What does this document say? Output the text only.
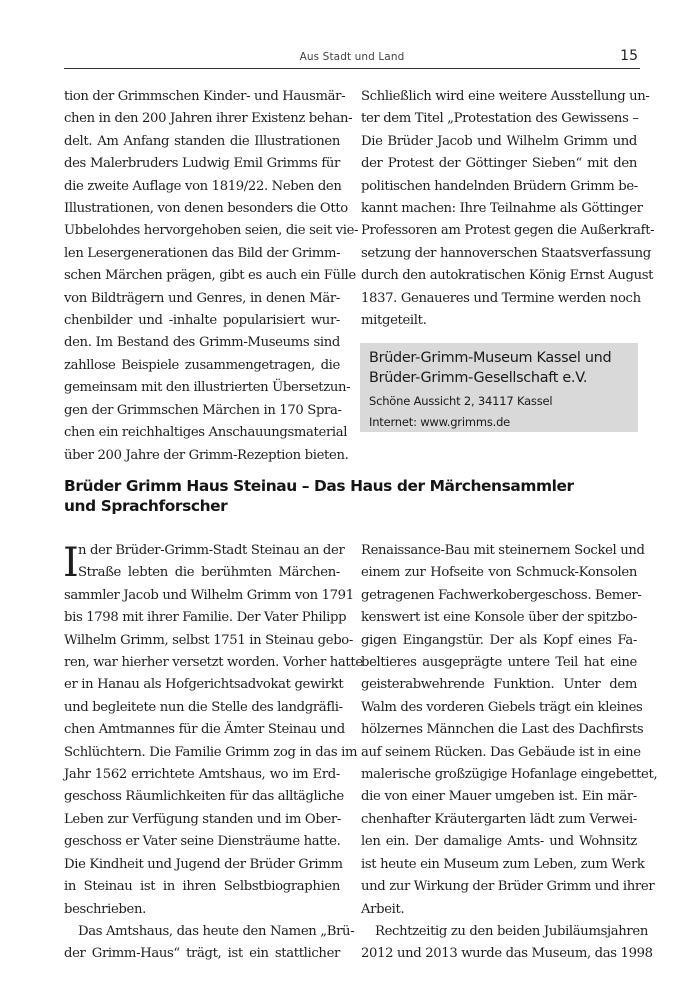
Aus Stadt und Land	15
tion der Grimmschen Kinder- und Hausmär-
chen in den 200 Jahren ihrer Existenz behan-
delt. Am Anfang standen die Illustrationen
des Malerbruders Ludwig Emil Grimms für
die zweite Auflage von 1819/22. Neben den
Illustrationen, von denen besonders die Otto
Ubbelohdes hervorgehoben seien, die seit vie-
len Lesergenerationen das Bild der Grimm-
schen Märchen prägen, gibt es auch ein Fülle
von Bildträgern und Genres, in denen Mär-
chenbilder und -inhalte popularisiert wur-
den. Im Bestand des Grimm-Museums sind
zahllose Beispiele zusammengetragen, die
gemeinsam mit den illustrierten Übersetzun-
gen der Grimmschen Märchen in 170 Spra-
chen ein reichhaltiges Anschauungsmaterial
über 200 Jahre der Grimm-Rezeption bieten.
Schließlich wird eine weitere Ausstellung un-
ter dem Titel „Protestation des Gewissens –
Die Brüder Jacob und Wilhelm Grimm und
der Protest der Göttinger Sieben“ mit den
politischen handelnden Brüdern Grimm be-
kannt machen: Ihre Teilnahme als Göttinger
Professoren am Protest gegen die Außerkraft-
setzung der hannoverschen Staatsverfassung
durch den autokratischen König Ernst August
1837. Genaueres und Termine werden noch
mitgeteilt.
Brüder-Grimm-Museum Kassel und
Brüder-Grimm-Gesellschaft e.V.
Schöne Aussicht 2, 34117 Kassel
Internet: www.grimms.de
Brüder Grimm Haus Steinau – Das Haus der Märchensammler
und Sprachforscher
I n der Brüder-Grimm-Stadt Steinau an der
Straße lebten die berühmten Märchen-
sammler Jacob und Wilhelm Grimm von 1791
bis 1798 mit ihrer Familie. Der Vater Philipp
Wilhelm Grimm, selbst 1751 in Steinau gebo-
ren, war hierher versetzt worden. Vorher hatte
er in Hanau als Hofgerichtsadvokat gewirkt
und begleitete nun die Stelle des landgräfli-
chen Amtmannes für die Ämter Steinau und
Schlüchtern. Die Familie Grimm zog in das im
Jahr 1562 errichtete Amtshaus, wo im Erd-
geschoss Räumlichkeiten für das alltägliche
Leben zur Verfügung standen und im Ober-
geschoss er Vater seine Diensträume hatte.
Die Kindheit und Jugend der Brüder Grimm
in Steinau ist in ihren Selbstbiographien
beschrieben.
Das Amtshaus, das heute den Namen „Brü-
der Grimm-Haus“ trägt, ist ein stattlicher
Renaissance-Bau mit steinernem Sockel und
einem zur Hofseite von Schmuck-Konsolen
getragenen Fachwerkobergeschoss. Bemer-
kenswert ist eine Konsole über der spitzbo-
gigen Eingangstür. Der als Kopf eines Fa-
beltieres ausgeprägte untere Teil hat eine
geisterabwehrende Funktion. Unter dem
Walm des vorderen Giebels trägt ein kleines
hölzernes Männchen die Last des Dachfirsts
auf seinem Rücken. Das Gebäude ist in eine
malerische großzügige Hofanlage eingebettet,
die von einer Mauer umgeben ist. Ein mär-
chenhafter Kräutergarten lädt zum Verwei-
len ein. Der damalige Amts- und Wohnsitz
ist heute ein Museum zum Leben, zum Werk
und zur Wirkung der Brüder Grimm und ihrer
Arbeit.
Rechtzeitig zu den beiden Jubiläumsjahren
2012 und 2013 wurde das Museum, das 1998
